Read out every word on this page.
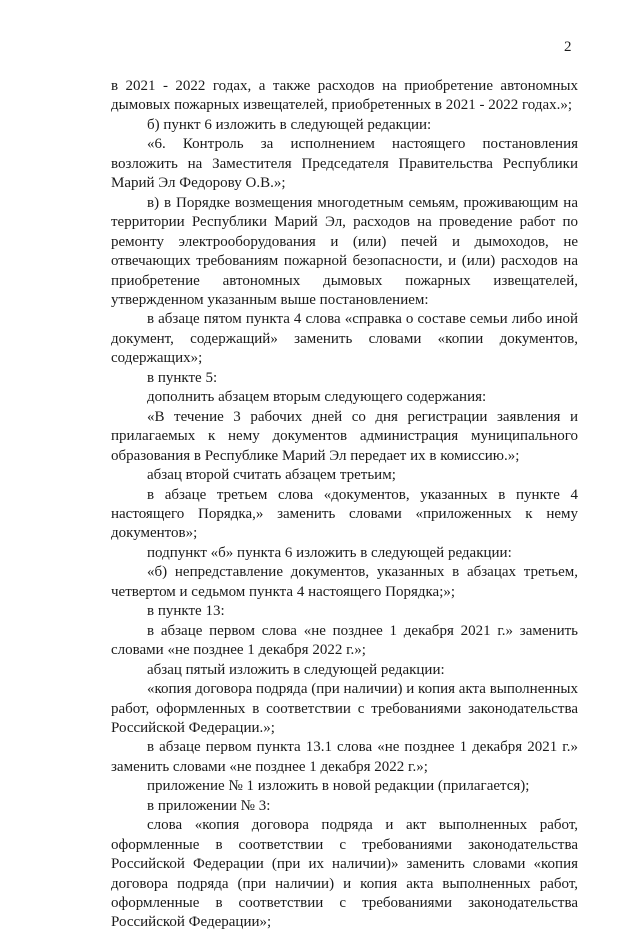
2

в 2021 - 2022 годах, а также расходов на приобретение автономных дымовых пожарных извещателей, приобретенных в 2021 - 2022 годах.»;

б) пункт 6 изложить в следующей редакции:

«6. Контроль за исполнением настоящего постановления возложить на Заместителя Председателя Правительства Республики Марий Эл Федорову О.В.»;

в) в Порядке возмещения многодетным семьям, проживающим на территории Республики Марий Эл, расходов на проведение работ по ремонту электрооборудования и (или) печей и дымоходов, не отвечающих требованиям пожарной безопасности, и (или) расходов на приобретение автономных дымовых пожарных извещателей, утвержденном указанным выше постановлением:

в абзаце пятом пункта 4 слова «справка о составе семьи либо иной документ, содержащий» заменить словами «копии документов, содержащих»;

в пункте 5:

дополнить абзацем вторым следующего содержания:

«В течение 3 рабочих дней со дня регистрации заявления и прилагаемых к нему документов администрация муниципального образования в Республике Марий Эл передает их в комиссию.»;

абзац второй считать абзацем третьим;

в абзаце третьем слова «документов, указанных в пункте 4 настоящего Порядка,» заменить словами «приложенных к нему документов»;

подпункт «б» пункта 6 изложить в следующей редакции:

«б) непредставление документов, указанных в абзацах третьем, четвертом и седьмом пункта 4 настоящего Порядка;»;

в пункте 13:

в абзаце первом слова «не позднее 1 декабря 2021 г.» заменить словами «не позднее 1 декабря 2022 г.»;

абзац пятый изложить в следующей редакции:

«копия договора подряда (при наличии) и копия акта выполненных работ, оформленных в соответствии с требованиями законодательства Российской Федерации.»;

в абзаце первом пункта 13.1 слова «не позднее 1 декабря 2021 г.» заменить словами «не позднее 1 декабря 2022 г.»;

приложение № 1 изложить в новой редакции (прилагается);

в приложении № 3:

слова «копия договора подряда и акт выполненных работ, оформленные в соответствии с требованиями законодательства Российской Федерации (при их наличии)» заменить словами «копия договора подряда (при наличии) и копия акта выполненных работ, оформленные в соответствии с требованиями законодательства Российской Федерации»;
